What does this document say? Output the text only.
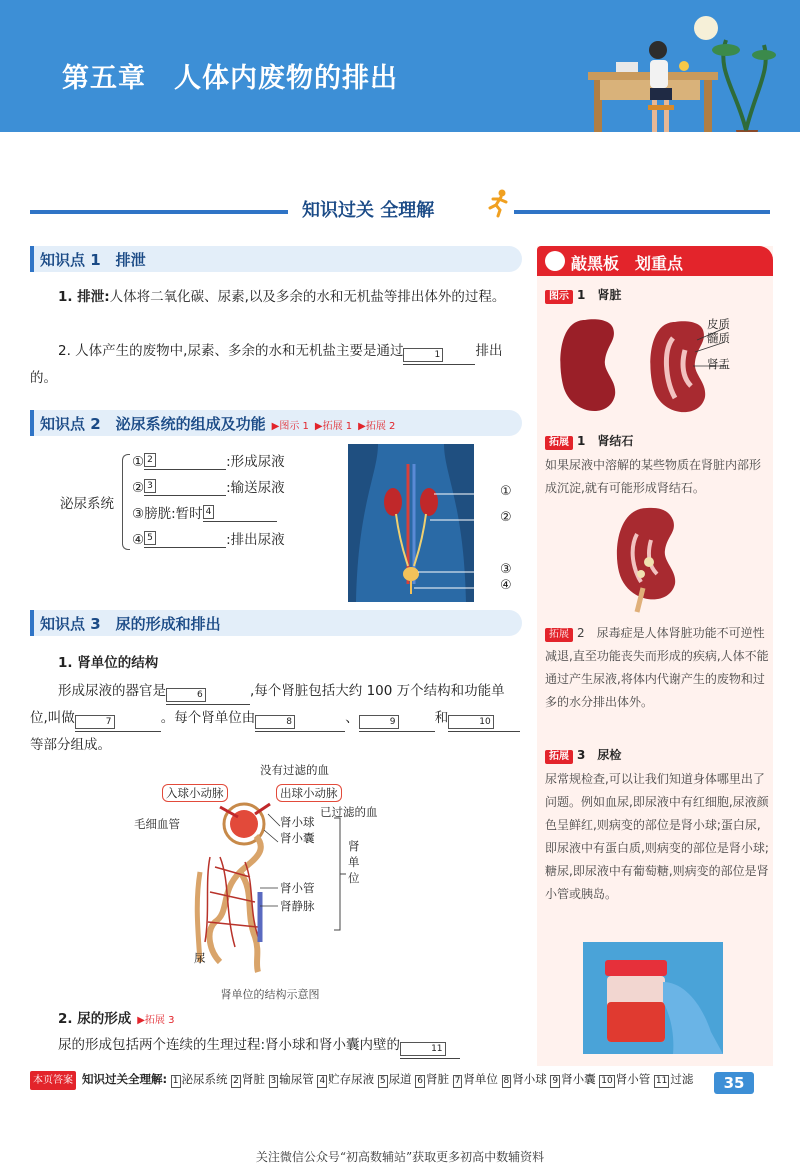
第五章　人体内废物的排出
知识过关 全理解
知识点 1　排泄
1. 排泄:人体将二氧化碳、尿素,以及多余的水和无机盐等排出体外的过程。
2. 人体产生的废物中,尿素、多余的水和无机盐主要是通过	1	排出的。
知识点 2　泌尿系统的组成及功能 ▶图示 1 ▶拓展 1 ▶拓展 2
泌尿系统
① 2	:形成尿液
② 3	:输送尿液
③膀胱:暂时 4
④ 5	:排出尿液
①
②
③
④
知识点 3　尿的形成和排出
1. 肾单位的结构
形成尿液的器官是	6	,每个肾脏包括大约 100 万个结构和功能单位,叫做	7	。每个肾单位由	8	、	9	和	10
等部分组成。
没有过滤的血
入球小动脉	出球小动脉
已过滤的血
毛细血管	肾小球
肾小囊
肾单位
肾小管
肾静脉
尿
肾单位的结构示意图
2. 尿的形成 ▶拓展 3
尿的形成包括两个连续的生理过程:肾小球和肾小囊内壁的	11
敲黑板　划重点
图示 1　肾脏
皮质
髓质
肾盂
拓展 1　肾结石
如果尿液中溶解的某些物质在肾脏内部形成沉淀,就有可能形成肾结石。
拓展 2　尿毒症是人体肾脏功能不可逆性减退,直至功能丧失而形成的疾病,人体不能通过产生尿液,将体内代谢产生的废物和过多的水分排出体外。
拓展 3　尿检
尿常规检查,可以让我们知道身体哪里出了问题。例如血尿,即尿液中有红细胞,尿液颜色呈鲜红,则病变的部位是肾小球;蛋白尿,即尿液中有蛋白质,则病变的部位是肾小球;糖尿,即尿液中有葡萄糖,则病变的部位是肾小管或胰岛。
本页答案 知识过关全理解: 1 泌尿系统 2 肾脏 3 输尿管 4 贮存尿液 5 尿道 6 肾脏 7 肾单位 8 肾小球 9 肾小囊 10 肾小管 11 过滤	35
关注微信公众号“初高数辅站”获取更多初高中数辅资料
